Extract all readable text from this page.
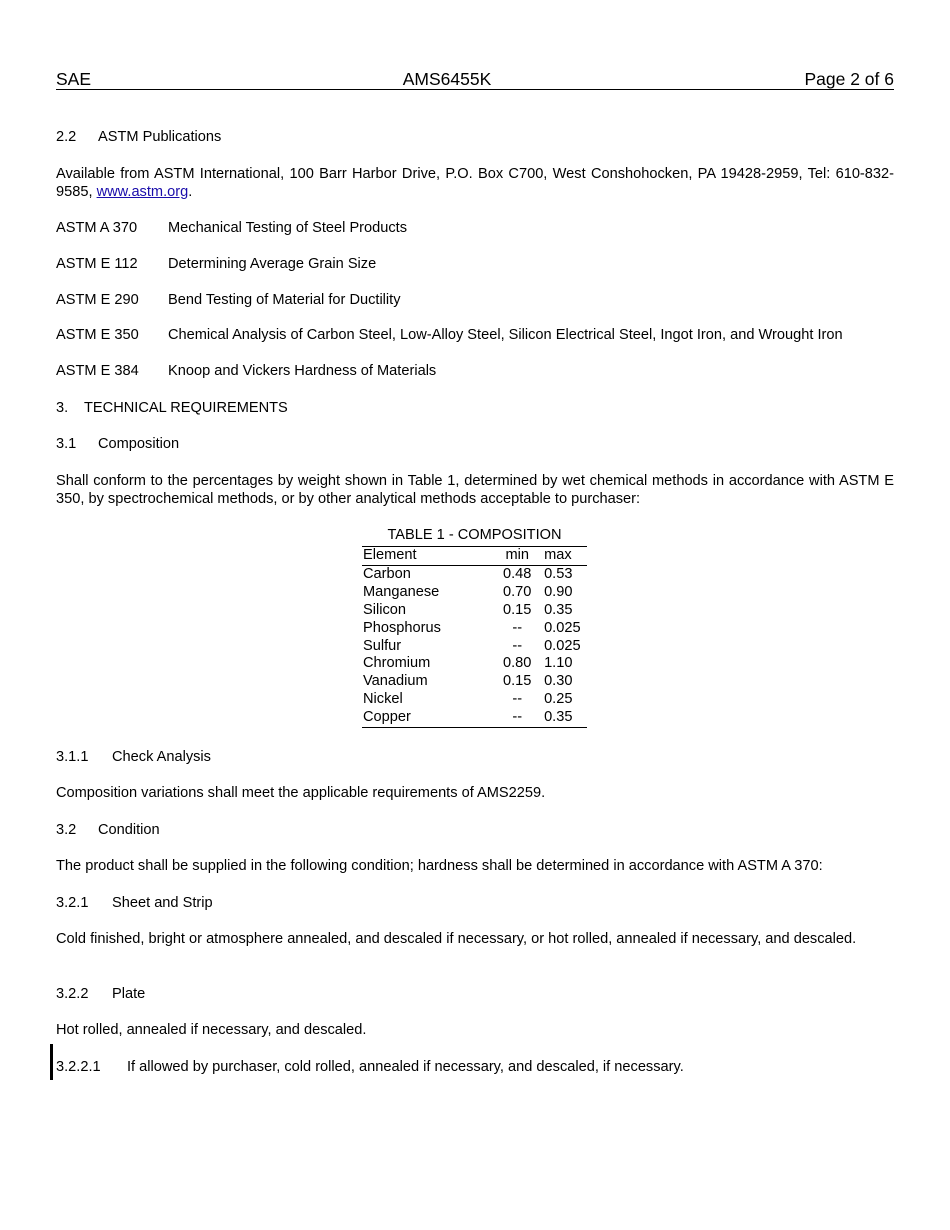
SAE	AMS6455K	Page 2 of 6
2.2 ASTM Publications
Available from ASTM International, 100 Barr Harbor Drive, P.O. Box C700, West Conshohocken, PA 19428-2959, Tel: 610-832-9585, www.astm.org.
ASTM A 370 Mechanical Testing of Steel Products
ASTM E 112 Determining Average Grain Size
ASTM E 290 Bend Testing of Material for Ductility
ASTM E 350 Chemical Analysis of Carbon Steel, Low-Alloy Steel, Silicon Electrical Steel, Ingot Iron, and Wrought Iron
ASTM E 384 Knoop and Vickers Hardness of Materials
3. TECHNICAL REQUIREMENTS
3.1 Composition
Shall conform to the percentages by weight shown in Table 1, determined by wet chemical methods in accordance with ASTM E 350, by spectrochemical methods, or by other analytical methods acceptable to purchaser:
TABLE 1 - COMPOSITION
Element	min	max
Carbon	0.48	0.53
Manganese	0.70	0.90
Silicon	0.15	0.35
Phosphorus	--	0.025
Sulfur	--	0.025
Chromium	0.80	1.10
Vanadium	0.15	0.30
Nickel	--	0.25
Copper	--	0.35
3.1.1 Check Analysis
Composition variations shall meet the applicable requirements of AMS2259.
3.2 Condition
The product shall be supplied in the following condition; hardness shall be determined in accordance with ASTM A 370:
3.2.1 Sheet and Strip
Cold finished, bright or atmosphere annealed, and descaled if necessary, or hot rolled, annealed if necessary, and descaled.
3.2.2 Plate
Hot rolled, annealed if necessary, and descaled.
3.2.2.1 If allowed by purchaser, cold rolled, annealed if necessary, and descaled, if necessary.
